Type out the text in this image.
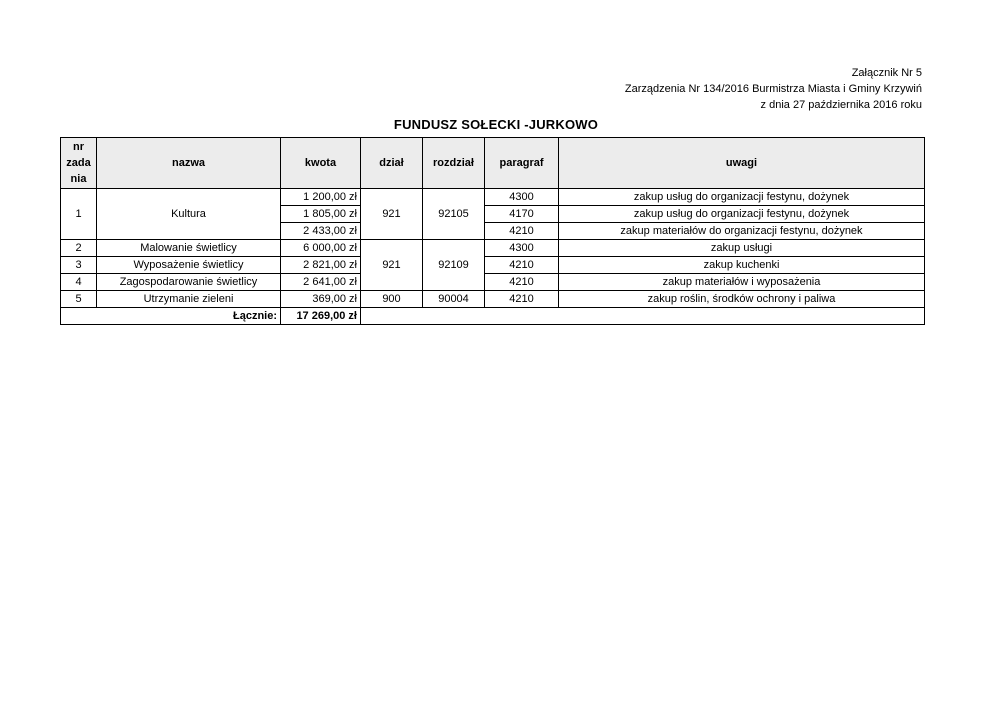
Załącznik Nr 5
Zarządzenia Nr 134/2016 Burmistrza Miasta i Gminy Krzywiń
z dnia 27 października 2016 roku
FUNDUSZ SOŁECKI -JURKOWO
nr zada nia	nazwa	kwota	dział	rozdział	paragraf	uwagi
1	Kultura	1 200,00 zł	921	92105	4300	zakup usług do organizacji festynu, dożynek
		1 805,00 zł			4170	zakup usług do organizacji festynu, dożynek
		2 433,00 zł			4210	zakup materiałów do organizacji festynu, dożynek
2	Malowanie świetlicy	6 000,00 zł	921	92109	4300	zakup usługi
3	Wyposażenie świetlicy	2 821,00 zł			4210	zakup kuchenki
4	Zagospodarowanie świetlicy	2 641,00 zł			4210	zakup materiałów i wyposażenia
5	Utrzymanie zieleni	369,00 zł	900	90004	4210	zakup roślin, środków ochrony i paliwa
Łącznie:		17 269,00 zł				
